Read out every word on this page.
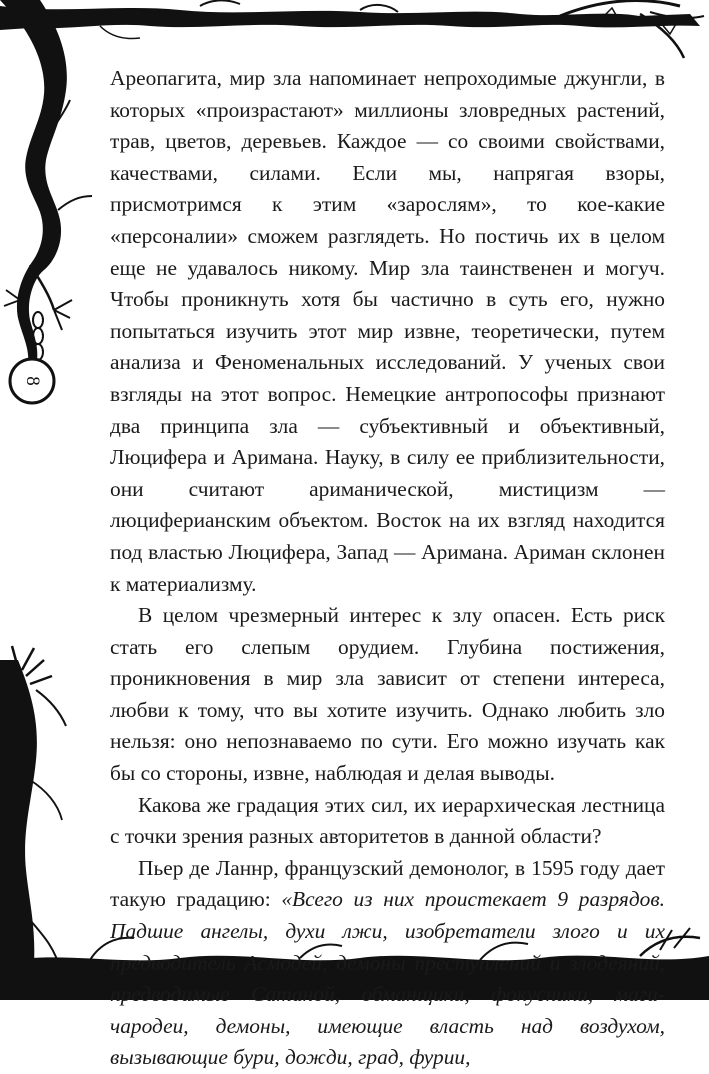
8

Ареопагита, мир зла напоминает непроходимые джунгли, в которых «произрастают» миллионы зловредных растений, трав, цветов, деревьев. Каждое — со своими свойствами, качествами, силами. Если мы, напрягая взоры, присмотримся к этим «зарослям», то кое-какие «персоналии» сможем разглядеть. Но постичь их в целом еще не удавалось никому. Мир зла таинственен и могуч. Чтобы проникнуть хотя бы частично в суть его, нужно попытаться изучить этот мир извне, теоретически, путем анализа и Феноменальных исследований. У ученых свои взгляды на этот вопрос. Немецкие антропософы признают два принципа зла — субъективный и объективный, Люцифера и Аримана. Науку, в силу ее приблизительности, они считают ариманической, мистицизм — люциферианским объектом. Восток на их взгляд находится под властью Люцифера, Запад — Аримана. Ариман склонен к материализму.

В целом чрезмерный интерес к злу опасен. Есть риск стать его слепым орудием. Глубина постижения, проникновения в мир зла зависит от степени интереса, любви к тому, что вы хотите изучить. Однако любить зло нельзя: оно непознаваемо по сути. Его можно изучать как бы со стороны, извне, наблюдая и делая выводы.

Какова же градация этих сил, их иерархическая лестница с точки зрения разных авторитетов в данной области?

Пьер де Ланнр, французский демонолог, в 1595 году дает такую градацию: «Всего из них проистекает 9 разрядов. Падшие ангелы, духи лжи, изобретатели злого и их предводитель Асмодей, демоны преступлений и злодеяний, предводимые Сатаной, обманщики, фокусники, маги-чародеи, демоны, имеющие власть над воздухом, вызывающие бури, дожди, град, фурии,
